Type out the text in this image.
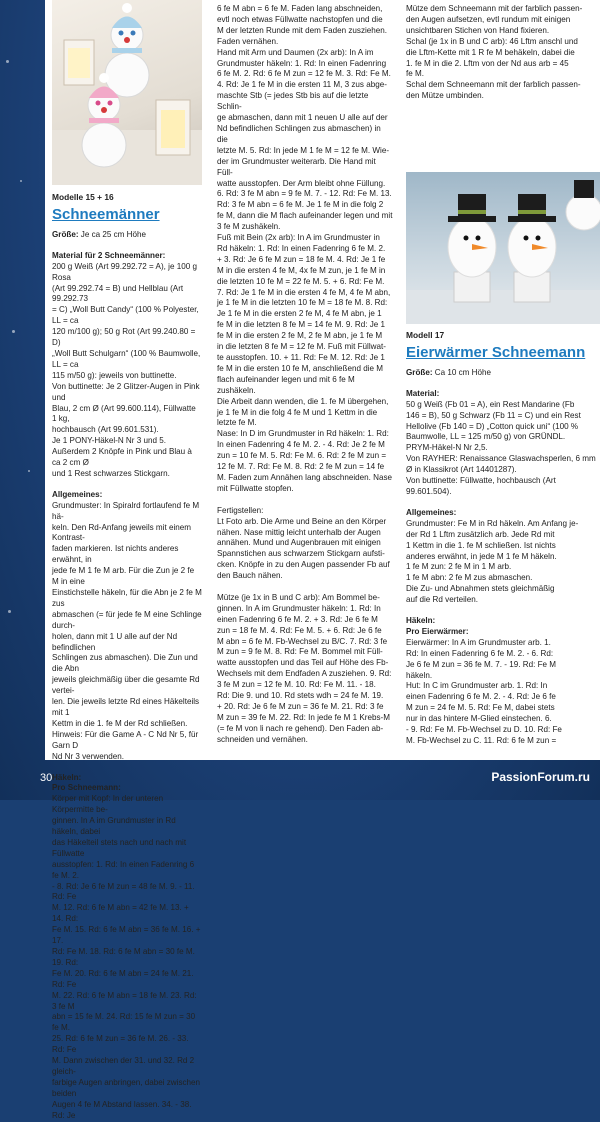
Modelle 15 + 16
Schneemänner

Größe: Je ca 25 cm Höhe

Material für 2 Schneemänner:

200 g Weiß (Art 99.292.72 = A), je 100 g Rosa

(Art 99.292.74 = B) und Hellblau (Art 99.292.73

= C) „Woll Butt Candy“ (100 % Polyester, LL = ca

120 m/100 g); 50 g Rot (Art 99.240.80 = D)

„Woll Butt Schulgarn“ (100 % Baumwolle, LL = ca

115 m/50 g): jeweils von buttinette.

Von buttinette: Je 2 Glitzer-Augen in Pink und

Blau, 2 cm Ø (Art 99.600.114), Füllwatte 1 kg,

hochbausch (Art 99.601.531).

Je 1 PONY-Häkel-N Nr 3 und 5.

Außerdem 2 Knöpfe in Pink und Blau à ca 2 cm Ø

und 1 Rest schwarzes Stickgarn.

Allgemeines:

Grundmuster: In Spiralrd fortlaufend fe M hä-

keln. Den Rd-Anfang jeweils mit einem Kontrast-

faden markieren. Ist nichts anderes erwähnt, in

jede fe M 1 fe M arb. Für die Zun je 2 fe M in eine

Einstichstelle häkeln, für die Abn je 2 fe M zus

abmaschen (= für jede fe M eine Schlinge durch-

holen, dann mit 1 U alle auf der Nd befindlichen

Schlingen zus abmaschen). Die Zun und die Abn

jeweils gleichmäßig über die gesamte Rd vertei-

len. Die jeweils letzte Rd eines Häkelteils mit 1

Kettm in die 1. fe M der Rd schließen.

Hinweis: Für die Game A - C Nd Nr 5, für Garn D

Nd Nr 3 verwenden.

Häkeln:

Pro Schneemann:

Körper mit Kopf: In der unteren Körpermitte be-

ginnen. In A im Grundmuster in Rd häkeln, dabei

das Häkelteil stets nach und nach mit Füllwatte

ausstopfen: 1. Rd: In einen Fadenring 6 fe M. 2.

- 8. Rd: Je 6 fe M zun = 48 fe M. 9. - 11. Rd: Fe

M. 12. Rd: 6 fe M abn = 42 fe M. 13. + 14. Rd:

Fe M. 15. Rd: 6 fe M abn = 36 fe M. 16. + 17.

Rd: Fe M. 18. Rd: 6 fe M abn = 30 fe M. 19. Rd:

Fe M. 20. Rd: 6 fe M abn = 24 fe M. 21. Rd: Fe

M. 22. Rd: 6 fe M abn = 18 fe M. 23. Rd: 3 fe M

abn = 15 fe M. 24. Rd: 15 fe M zun = 30 fe M.

25. Rd: 6 fe M zun = 36 fe M. 26. - 33. Rd: Fe

M. Dann zwischen der 31. und 32. Rd 2 gleich-

farbige Augen anbringen, dabei zwischen beiden

Augen 4 fe M Abstand lassen. 34. - 38. Rd: Je

6 fe M abn = 6 fe M. Faden lang abschneiden,

evtl noch etwas Füllwatte nachstopfen und die

M der letzten Runde mit dem Faden zusziehen.

Faden vernähen.

Hand mit Arm und Daumen (2x arb): In A im

Grundmuster häkeln: 1. Rd: In einen Fadenring

6 fe M. 2. Rd: 6 fe M zun = 12 fe M. 3. Rd: Fe M.

4. Rd: Je 1 fe M in die ersten 11 M, 3 zus abge-

maschte Stb (= jedes Stb bis auf die letzte Schlin-

ge abmaschen, dann mit 1 neuen U alle auf der

Nd befindlichen Schlingen zus abmaschen) in die

letzte M. 5. Rd: In jede M 1 fe M = 12 fe M. Wie-

der im Grundmuster weiterarb. Die Hand mit Füll-

watte ausstopfen. Der Arm bleibt ohne Füllung.

6. Rd: 3 fe M abn = 9 fe M. 7. - 12. Rd: Fe M. 13.

Rd: 3 fe M abn = 6 fe M. Je 1 fe M in die folg 2

fe M, dann die M flach aufeinander legen und mit

3 fe M zushäkeln.

Fuß mit Bein (2x arb): In A im Grundmuster in

Rd häkeln: 1. Rd: In einen Fadenring 6 fe M. 2.

+ 3. Rd: Je 6 fe M zun = 18 fe M. 4. Rd: Je 1 fe

M in die ersten 4 fe M, 4x fe M zun, je 1 fe M in

die letzten 10 fe M = 22 fe M. 5. + 6. Rd: Fe M.

7. Rd: Je 1 fe M in die ersten 4 fe M, 4 fe M abn,

je 1 fe M in die letzten 10 fe M = 18 fe M. 8. Rd:

Je 1 fe M in die ersten 2 fe M, 4 fe M abn, je 1

fe M in die letzten 8 fe M = 14 fe M. 9. Rd: Je 1

fe M in die ersten 2 fe M, 2 fe M abn, je 1 fe M

in die letzten 8 fe M = 12 fe M. Fuß mit Füllwat-

te ausstopfen. 10. + 11. Rd: Fe M. 12. Rd: Je 1

fe M in die ersten 10 fe M, anschließend die M

flach aufeinander legen und mit 6 fe M zushäkeln.

Die Arbeit dann wenden, die 1. fe M übergehen,

je 1 fe M in die folg 4 fe M und 1 Kettm in die

letzte fe M.

Nase: In D im Grundmuster in Rd häkeln: 1. Rd:

In einen Fadenring 4 fe M. 2. - 4. Rd: Je 2 fe M

zun = 10 fe M. 5. Rd: Fe M. 6. Rd: 2 fe M zun =

12 fe M. 7. Rd: Fe M. 8. Rd: 2 fe M zun = 14 fe

M. Faden zum Annähen lang abschneiden. Nase

mit Füllwatte stopfen.

Fertigstellen:

Lt Foto arb. Die Arme und Beine an den Körper

nähen. Nase mittig leicht unterhalb der Augen

annähen. Mund und Augenbrauen mit einigen

Spannstichen aus schwarzem Stickgarn aufsti-

cken. Knöpfe in zu den Augen passender Fb auf

den Bauch nähen.

Mütze (je 1x in B und C arb): Am Bommel be-

ginnen. In A im Grundmuster häkeln: 1. Rd: In

einen Fadenring 6 fe M. 2. + 3. Rd: Je 6 fe M

zun = 18 fe M. 4. Rd: Fe M. 5. + 6. Rd: Je 6 fe

M abn = 6 fe M. Fb-Wechsel zu B/C. 7. Rd: 3 fe

M zun = 9 fe M. 8. Rd: Fe M. Bommel mit Füll-

watte ausstopfen und das Teil auf Höhe des Fb-

Wechsels mit dem Endfaden A zusziehen. 9. Rd:

3 fe M zun = 12 fe M. 10. Rd: Fe M. 11. - 18.

Rd: Die 9. und 10. Rd stets wdh = 24 fe M. 19.

+ 20. Rd: Je 6 fe M zun = 36 fe M. 21. Rd: 3 fe

M zun = 39 fe M. 22. Rd: In jede fe M 1 Krebs-M

(= fe M von li nach re gehend). Den Faden ab-

schneiden und vernähen.

Mütze dem Schneemann mit der farblich passen-

den Augen aufsetzen, evtl rundum mit einigen

unsichtbaren Stichen von Hand fixieren.

Schal (je 1x in B und C arb): 46 Lftm anschl und

die Lftm-Kette mit 1 R fe M behäkeln, dabei die

1. fe M in die 2. Lftm von der Nd aus arb = 45

fe M.

Schal dem Schneemann mit der farblich passen-

den Mütze umbinden.

Modell 17
Eierwärmer Schneemann

Größe: Ca 10 cm Höhe

Material:

50 g Weiß (Fb 01 = A), ein Rest Mandarine (Fb

146 = B), 50 g Schwarz (Fb 11 = C) und ein Rest

Hellolive (Fb 140 = D) „Cotton quick uni“ (100 %

Baumwolle, LL = 125 m/50 g) von GRÜNDL.

PRYM-Häkel-N Nr 2,5.

Von RAYHER: Renaissance Glaswachsperlen, 6 mm

Ø in Klassikrot (Art 14401287).

Von buttinette: Füllwatte, hochbausch (Art

99.601.504).

Allgemeines:

Grundmuster: Fe M in Rd häkeln. Am Anfang je-

der Rd 1 Lftm zusätzlich arb. Jede Rd mit

1 Kettm in die 1. fe M schließen. Ist nichts

anderes erwähnt, in jede M 1 fe M häkeln.

1 fe M zun: 2 fe M in 1 M arb.

1 fe M abn: 2 fe M zus abmaschen.

Die Zu- und Abnahmen stets gleichmäßig

auf die Rd verteilen.

Häkeln:

Pro Eierwärmer:

Eierwärmer: In A im Grundmuster arb. 1.

Rd: In einen Fadenring 6 fe M. 2. - 6. Rd:

Je 6 fe M zun = 36 fe M. 7. - 19. Rd: Fe M

häkeln.

Hut: In C im Grundmuster arb. 1. Rd: In

einen Fadenring 6 fe M. 2. - 4. Rd: Je 6 fe

M zun = 24 fe M. 5. Rd: Fe M, dabei stets

nur in das hintere M-Glied einstechen. 6.

- 9. Rd: Fe M. Fb-Wechsel zu D. 10. Rd: Fe

M. Fb-Wechsel zu C. 11. Rd: 6 fe M zun =

30	PassionForum.ru
